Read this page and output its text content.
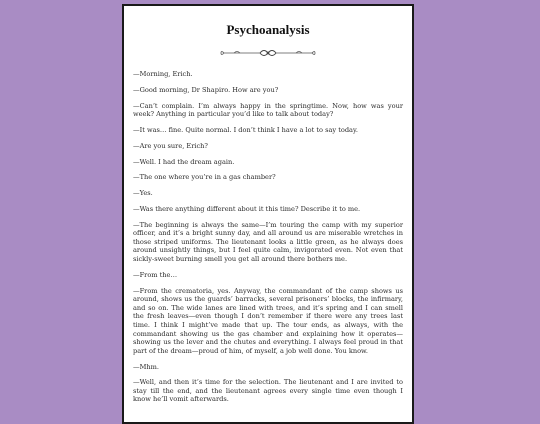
Psychoanalysis

—Morning, Erich.

—Good morning, Dr Shapiro. How are you?

—Can’t complain. I’m always happy in the springtime. Now, how was your week? Anything in particular you’d like to talk about today?

—It was… fine. Quite normal. I don’t think I have a lot to say today.

—Are you sure, Erich?

—Well. I had the dream again.

—The one where you’re in a gas chamber?

—Yes.

—Was there anything different about it this time? Describe it to me.

—The beginning is always the same—I’m touring the camp with my superior officer, and it’s a bright sunny day, and all around us are miserable wretches in those striped uniforms. The lieutenant looks a little green, as he always does around unsightly things, but I feel quite calm, invigorated even. Not even that sickly-sweet burning smell you get all around there bothers me.

—From the…

—From the crematoria, yes. Anyway, the commandant of the camp shows us around, shows us the guards’ barracks, several prisoners’ blocks, the infirmary, and so on. The wide lanes are lined with trees, and it’s spring and I can smell the fresh leaves—even though I don’t remember if there were any trees last time. I think I might’ve made that up. The tour ends, as always, with the commandant showing us the gas chamber and explaining how it operates—showing us the lever and the chutes and everything. I always feel proud in that part of the dream—proud of him, of myself, a job well done. You know.

—Mhm.

—Well, and then it’s time for the selection. The lieutenant and I are invited to stay till the end, and the lieutenant agrees every single time even though I know he’ll vomit afterwards.
